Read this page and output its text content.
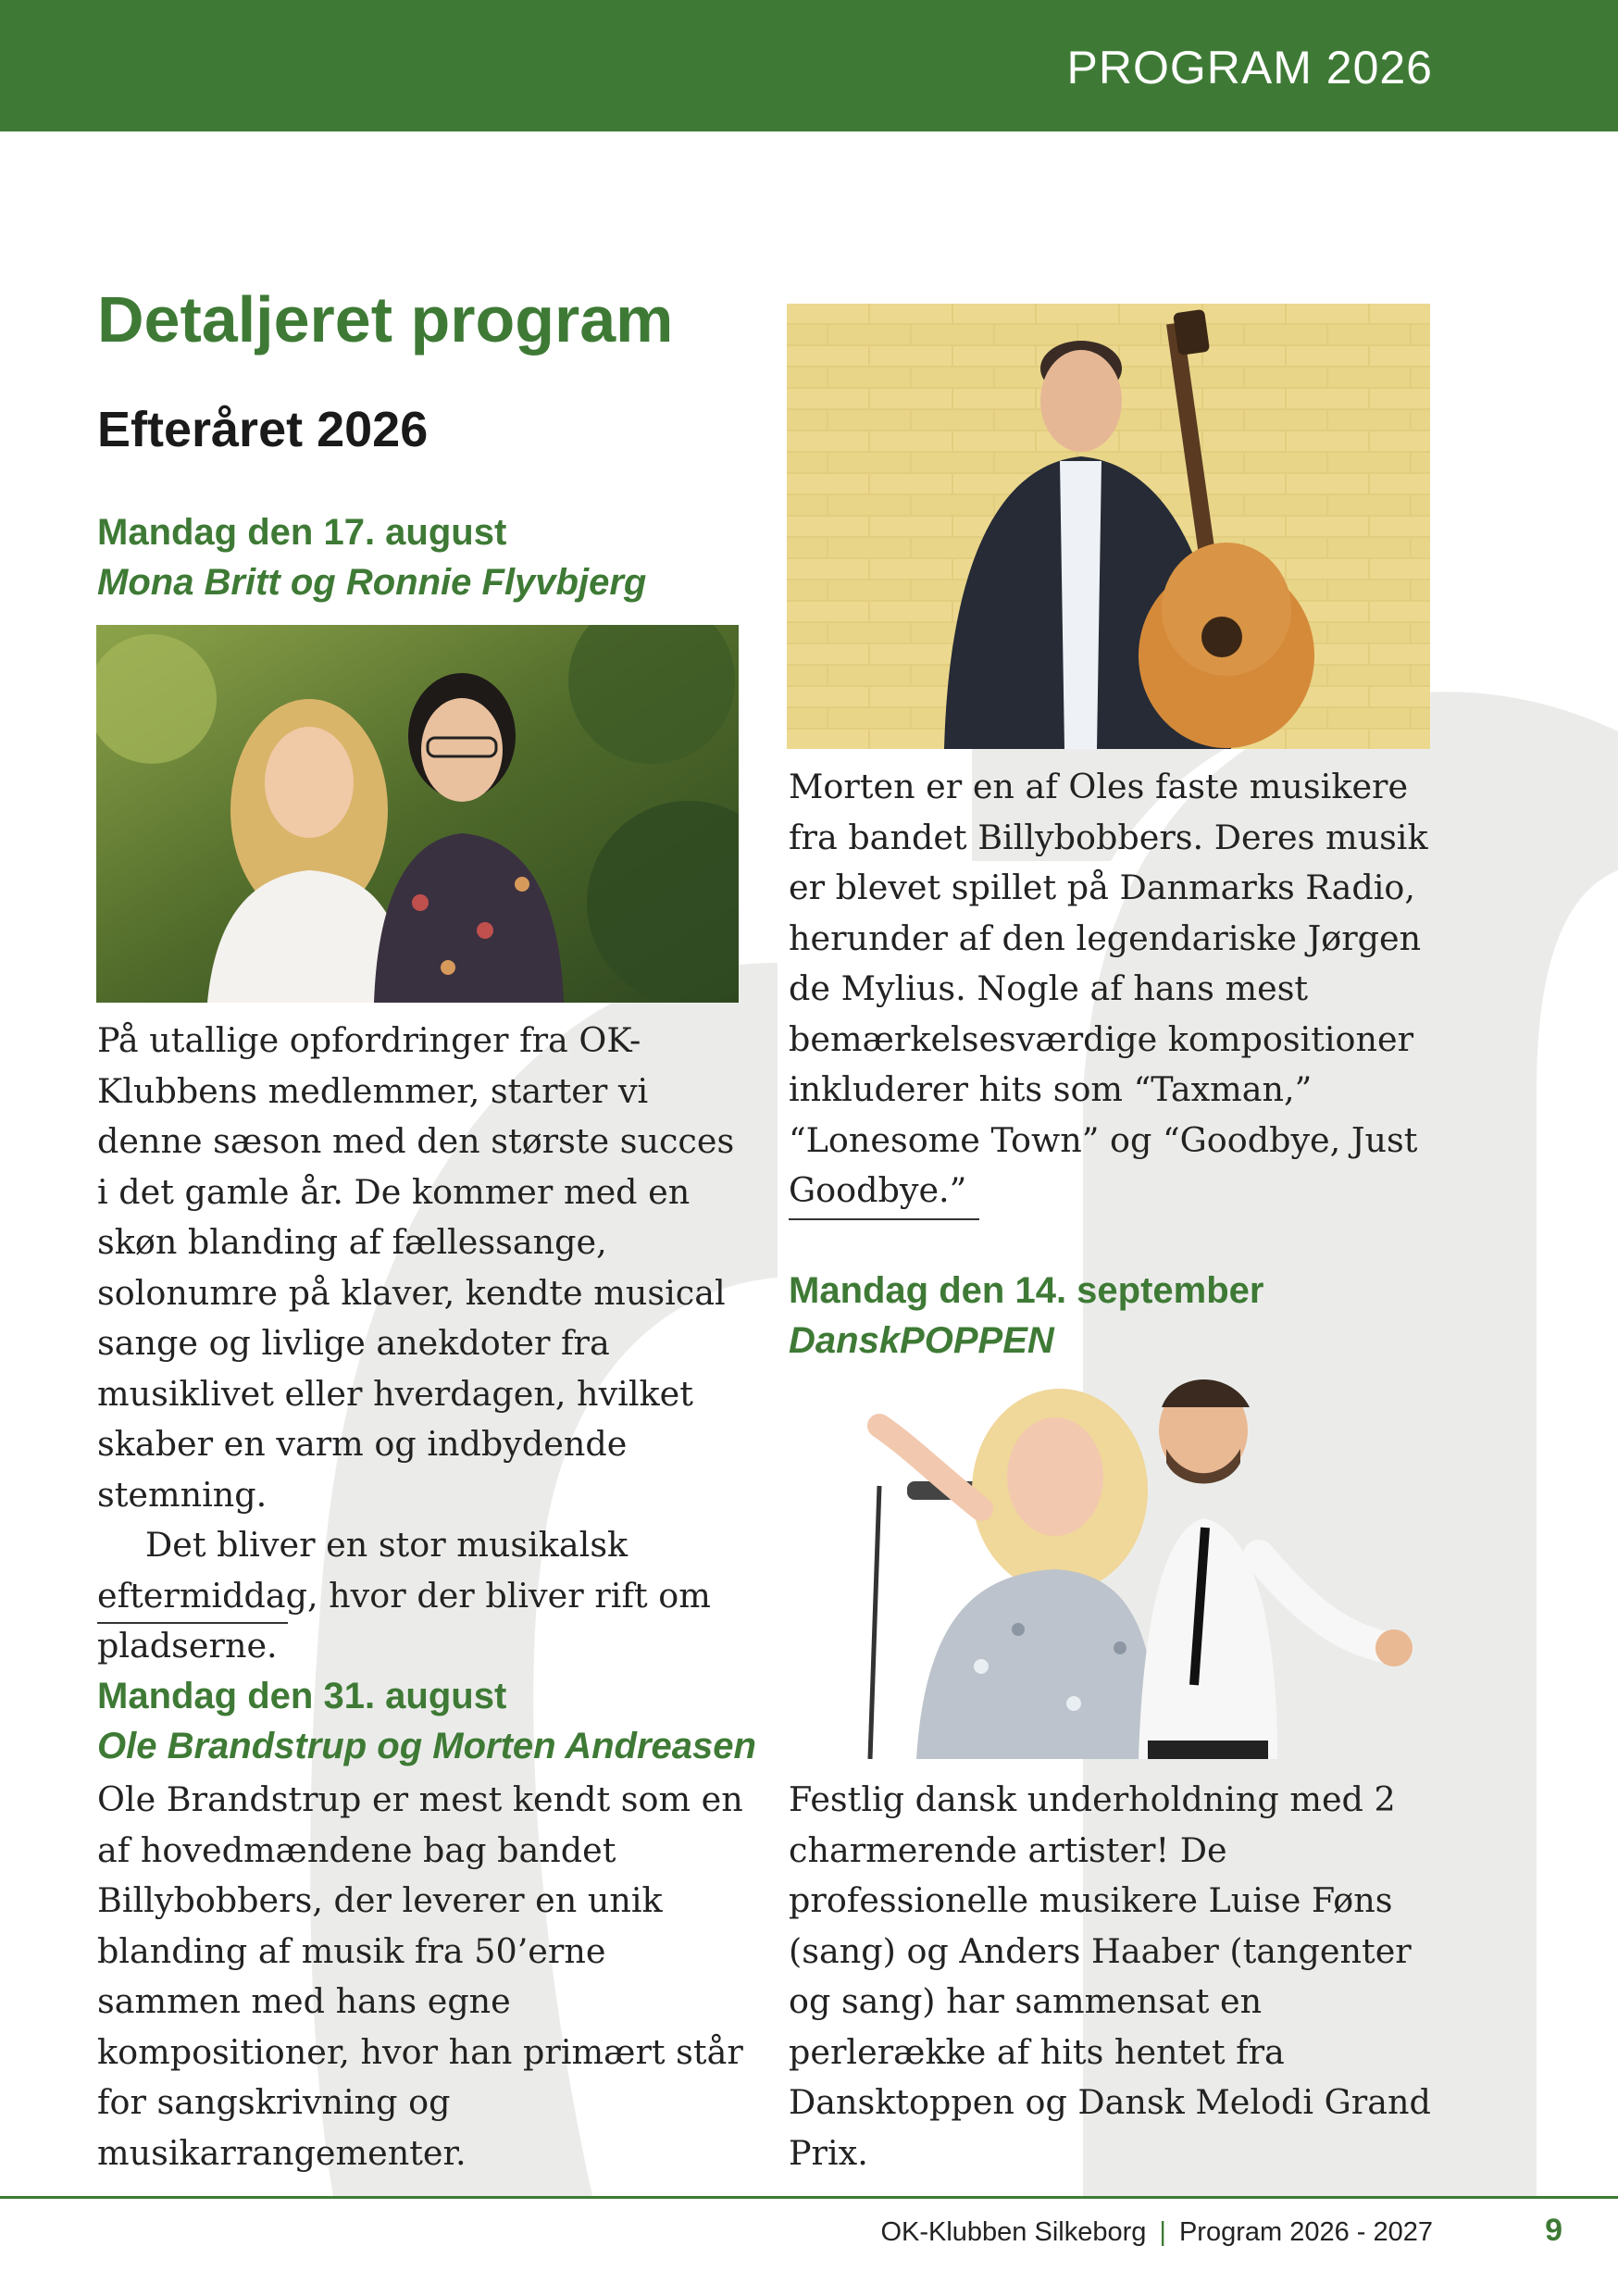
PROGRAM 2026
Detaljeret program
Efteråret 2026
Mandag den 17. august
Mona Britt og Ronnie Flyvbjerg

På utallige opfordringer fra OK-Klubbens medlemmer, starter vi denne sæson med den største succes i det gamle år. De kommer med en skøn blanding af fællessange, solonumre på klaver, kendte musical sange og livlige anekdoter fra musiklivet eller hverdagen, hvilket skaber en varm og indbydende stemning.

Det bliver en stor musikalsk eftermiddag, hvor der bliver rift om pladserne.

Mandag den 31. august
Ole Brandstrup og Morten Andreasen

Ole Brandstrup er mest kendt som en af hovedmændene bag bandet Billybobbers, der leverer en unik blanding af musik fra 50’erne sammen med hans egne kompositioner, hvor han primært står for sangskrivning og musikarrangementer.

Morten er en af Oles faste musikere fra bandet Billybobbers. Deres musik er blevet spillet på Danmarks Radio, herunder af den legendariske Jørgen de Mylius. Nogle af hans mest bemærkelsesværdige kompositioner inkluderer hits som “Taxman,” “Lonesome Town” og “Goodbye, Just Goodbye.”

Mandag den 14. september
DanskPOPPEN

Festlig dansk underholdning med 2 charmerende artister! De professionelle musikere Luise Føns (sang) og Anders Haaber (tangenter og sang) har sammensat en perlerække af hits hentet fra Dansktoppen og Dansk Melodi Grand Prix.

OK-Klubben Silkeborg | Program 2026 - 2027	9
